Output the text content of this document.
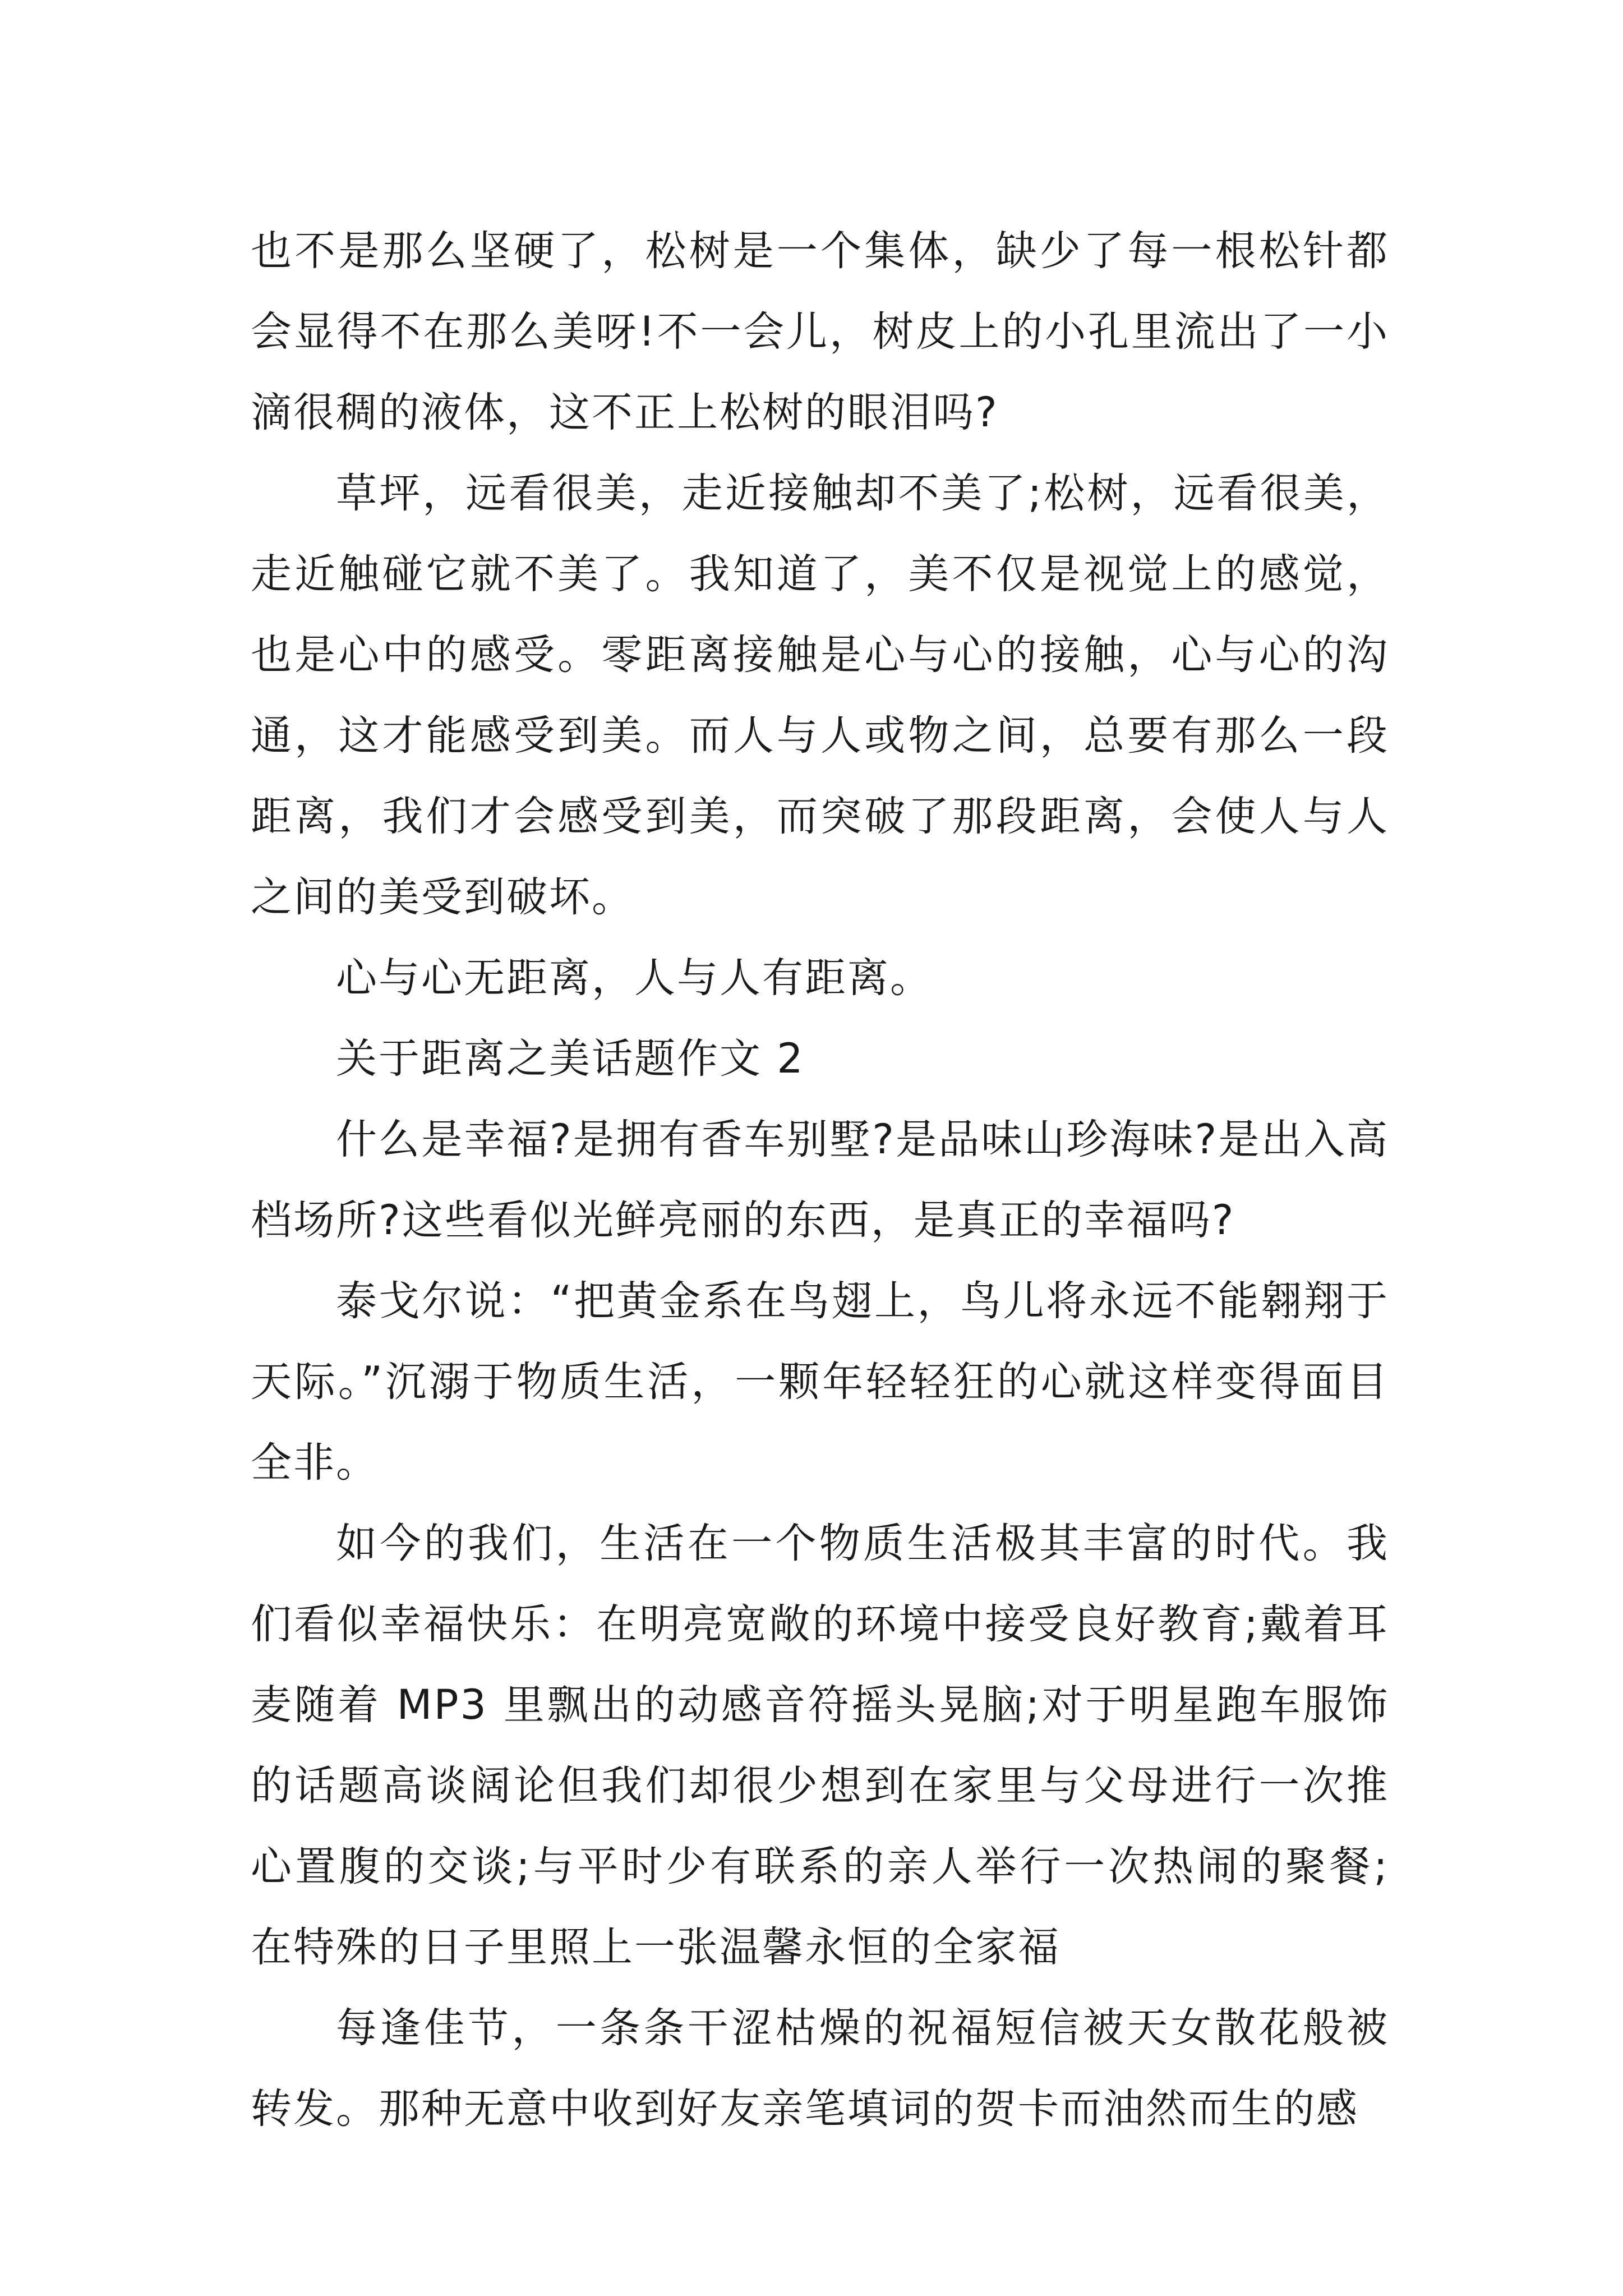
也不是那么坚硬了，松树是一个集体，缺少了每一根松针都会显得不在那么美呀!不一会儿，树皮上的小孔里流出了一小滴很稠的液体，这不正上松树的眼泪吗?

草坪，远看很美，走近接触却不美了;松树，远看很美，走近触碰它就不美了。我知道了，美不仅是视觉上的感觉，也是心中的感受。零距离接触是心与心的接触，心与心的沟通，这才能感受到美。而人与人或物之间，总要有那么一段距离，我们才会感受到美，而突破了那段距离，会使人与人之间的美受到破坏。

心与心无距离，人与人有距离。

关于距离之美话题作文 2

什么是幸福?是拥有香车别墅?是品味山珍海味?是出入高档场所?这些看似光鲜亮丽的东西，是真正的幸福吗?

泰戈尔说：“把黄金系在鸟翅上，鸟儿将永远不能翱翔于天际。”沉溺于物质生活，一颗年轻轻狂的心就这样变得面目全非。

如今的我们，生活在一个物质生活极其丰富的时代。我们看似幸福快乐：在明亮宽敞的环境中接受良好教育;戴着耳麦随着 MP3 里飘出的动感音符摇头晃脑;对于明星跑车服饰的话题高谈阔论但我们却很少想到在家里与父母进行一次推心置腹的交谈;与平时少有联系的亲人举行一次热闹的聚餐;在特殊的日子里照上一张温馨永恒的全家福

每逢佳节，一条条干涩枯燥的祝福短信被天女散花般被转发。那种无意中收到好友亲笔填词的贺卡而油然而生的感
